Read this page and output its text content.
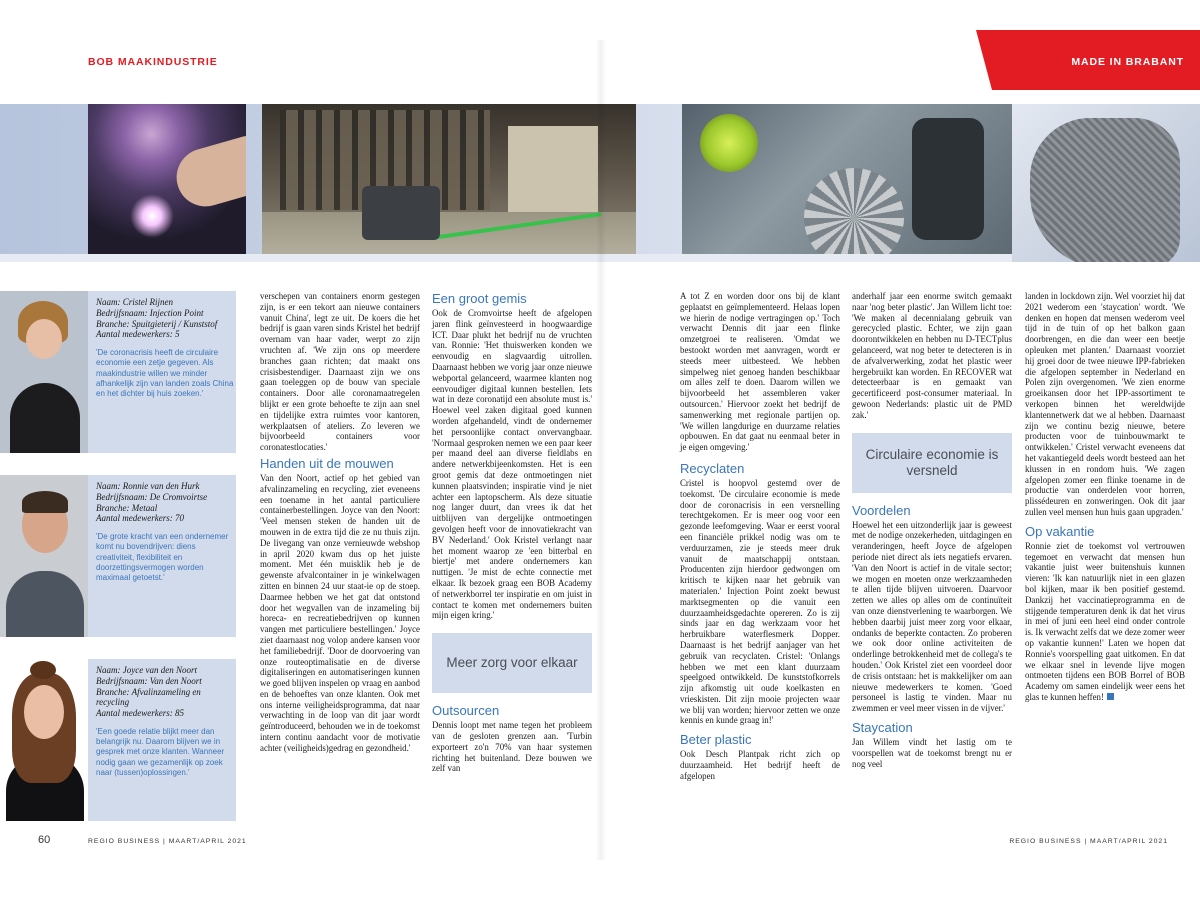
BOB MAAKINDUSTRIE	MADE IN BRABANT
Naam: Cristel Rijnen
Bedrijfsnaam: Injection Point
Branche: Spuitgieterij / Kunststof
Aantal medewerkers: 5
'De coronacrisis heeft de circulaire economie een zetje gegeven. Als maakindustrie willen we minder afhankelijk zijn van landen zoals China en het dichter bij huis zoeken.'
Naam: Ronnie van den Hurk
Bedrijfsnaam: De Cromvoirtse
Branche: Metaal
Aantal medewerkers: 70
'De grote kracht van een ondernemer komt nu bovendrijven: diens creativiteit, flexibiliteit en doorzettingsvermogen worden maximaal getoetst.'
Naam: Joyce van den Noort
Bedrijfsnaam: Van den Noort
Branche: Afvalinzameling en recycling
Aantal medewerkers: 85
'Een goede relatie blijkt meer dan belangrijk nu. Daarom blijven we in gesprek met onze klanten. Wanneer nodig gaan we gezamenlijk op zoek naar (tussen)oplossingen.'

verschepen van containers enorm gestegen zijn, is er een tekort aan nieuwe containers vanuit China', legt ze uit. De koers die het bedrijf is gaan varen sinds Kristel het bedrijf overnam van haar vader, werpt zo zijn vruchten af. 'We zijn ons op meerdere branches gaan richten; dat maakt ons crisisbestendiger. Daarnaast zijn we ons gaan toeleggen op de bouw van speciale containers. Door alle coronamaatregelen blijkt er een grote behoefte te zijn aan snel en tijdelijke extra ruimtes voor kantoren, werkplaatsen of ateliers. Zo leveren we bijvoorbeeld containers voor coronatestlocaties.'

Handen uit de mouwen

Van den Noort, actief op het gebied van afvalinzameling en recycling, ziet eveneens een toename in het aantal particuliere containerbestellingen. Joyce van den Noort: 'Veel mensen steken de handen uit de mouwen in de extra tijd die ze nu thuis zijn. De livegang van onze vernieuwde webshop in april 2020 kwam dus op het juiste moment. Met één muisklik heb je de gewenste afvalcontainer in je winkelwagen zitten en binnen 24 uur staat-ie op de stoep. Daarmee hebben we het gat dat ontstond door het wegvallen van de inzameling bij horeca- en recreatiebedrijven op kunnen vangen met particuliere bestellingen.' Joyce ziet daarnaast nog volop andere kansen voor het familiebedrijf. 'Door de doorvoering van onze routeoptimalisatie en de diverse digitaliseringen en automatiseringen kunnen we goed blijven inspelen op vraag en aanbod en de behoeftes van onze klanten. Ook met ons interne veiligheidsprogramma, dat naar verwachting in de loop van dit jaar wordt geïntroduceerd, behouden we in de toekomst intern continu aandacht voor de motivatie achter (veiligheids)gedrag en gezondheid.'

Een groot gemis

Ook de Cromvoirtse heeft de afgelopen jaren flink geïnvesteerd in hoogwaardige ICT. Daar plukt het bedrijf nu de vruchten van. Ronnie: 'Het thuiswerken konden we eenvoudig en slagvaardig uitrollen. Daarnaast hebben we vorig jaar onze nieuwe webportal gelanceerd, waarmee klanten nog eenvoudiger digitaal kunnen bestellen. Iets wat in deze coronatijd een absolute must is.' Hoewel veel zaken digitaal goed kunnen worden afgehandeld, vindt de ondernemer het persoonlijke contact onvervangbaar. 'Normaal gesproken nemen we een paar keer per maand deel aan diverse fieldlabs en andere netwerkbijeenkomsten. Het is een groot gemis dat deze ontmoetingen niet kunnen plaatsvinden; inspiratie vind je niet achter een laptopscherm. Als deze situatie nog langer duurt, dan vrees ik dat het uitblijven van dergelijke ontmoetingen gevolgen heeft voor de innovatiekracht van BV Nederland.' Ook Kristel verlangt naar het moment waarop ze 'een bitterbal en biertje' met andere ondernemers kan nuttigen. 'Je mist de echte connectie met elkaar. Ik bezoek graag een BOB Academy of netwerkborrel ter inspiratie en om juist in contact te komen met ondernemers buiten mijn eigen kring.'

Meer zorg voor elkaar
Outsourcen

Dennis loopt met name tegen het probleem van de gesloten grenzen aan. 'Turbin exporteert zo'n 70% van haar systemen richting het buitenland. Deze bouwen we zelf van

A tot Z en worden door ons bij de klant geplaatst en geïmplementeerd. Helaas lopen we hierin de nodige vertragingen op.' Toch verwacht Dennis dit jaar een flinke omzetgroei te realiseren. 'Omdat we bestookt worden met aanvragen, wordt er steeds meer uitbesteed. We hebben simpelweg niet genoeg handen beschikbaar om alles zelf te doen. Daarom willen we bijvoorbeeld het assembleren vaker outsourcen.' Hiervoor zoekt het bedrijf de samenwerking met regionale partijen op. 'We willen langdurige en duurzame relaties opbouwen. En dat gaat nu eenmaal beter in je eigen omgeving.'

Recyclaten

Cristel is hoopvol gestemd over de toekomst. 'De circulaire economie is mede door de coronacrisis in een versnelling terechtgekomen. Er is meer oog voor een gezonde leefomgeving. Waar er eerst vooral een financiële prikkel nodig was om te verduurzamen, zie je steeds meer druk vanuit de maatschappij ontstaan. Producenten zijn hierdoor gedwongen om kritisch te kijken naar het gebruik van materialen.' Injection Point zoekt bewust marktsegmenten op die vanuit een duurzaamheidsgedachte opereren. Zo is zij sinds jaar en dag werkzaam voor het herbruikbare waterflesmerk Dopper. Daarnaast is het bedrijf aanjager van het gebruik van recyclaten. Cristel: 'Onlangs hebben we met een klant duurzaam speelgoed ontwikkeld. De kunststofkorrels zijn afkomstig uit oude koelkasten en vrieskisten. Dit zijn mooie projecten waar we blij van worden; hiervoor zetten we onze kennis en kunde graag in!'

Beter plastic

Ook Desch Plantpak richt zich op duurzaamheid. Het bedrijf heeft de afgelopen

anderhalf jaar een enorme switch gemaakt naar 'nog beter plastic'. Jan Willem licht toe: 'We maken al decennialang gebruik van gerecycled plastic. Echter, we zijn gaan doorontwikkelen en hebben nu D-TECTplus gelanceerd, wat nog beter te detecteren is in de afvalverwerking, zodat het plastic weer hergebruikt kan worden. En RECOVER wat detecteerbaar is en gemaakt van gecertificeerd post-consumer materiaal. In gewoon Nederlands: plastic uit de PMD zak.'

Circulaire economie is versneld
Voordelen

Hoewel het een uitzonderlijk jaar is geweest met de nodige onzekerheden, uitdagingen en veranderingen, heeft Joyce de afgelopen periode niet direct als iets negatiefs ervaren. 'Van den Noort is actief in de vitale sector; we mogen en moeten onze werkzaamheden te allen tijde blijven uitvoeren. Daarvoor zetten we alles op alles om de continuïteit van onze dienstverlening te waarborgen. We hebben daarbij juist meer zorg voor elkaar, ondanks de beperkte contacten. Zo proberen we ook door online activiteiten de onderlinge betrokkenheid met de collega's te houden.' Ook Kristel ziet een voordeel door de crisis ontstaan: het is makkelijker om aan nieuwe medewerkers te komen. 'Goed personeel is lastig te vinden. Maar nu zwemmen er veel meer vissen in de vijver.'

Staycation

Jan Willem vindt het lastig om te voorspellen wat de toekomst brengt nu er nog veel

landen in lockdown zijn. Wel voorziet hij dat 2021 wederom een 'staycation' wordt. 'We denken en hopen dat mensen wederom veel tijd in de tuin of op het balkon gaan doorbrengen, en die dan weer een beetje opleuken met planten.' Daarnaast voorziet hij groei door de twee nieuwe IPP-fabrieken die afgelopen september in Nederland en Polen zijn overgenomen. 'We zien enorme groeikansen door het IPP-assortiment te verkopen binnen het wereldwijde klantennetwerk dat we al hebben. Daarnaast zijn we continu bezig nieuwe, betere producten voor de tuinbouwmarkt te ontwikkelen.' Cristel verwacht eveneens dat het vakantiegeld deels wordt besteed aan het klussen in en rondom huis. 'We zagen afgelopen zomer een flinke toename in de productie van onderdelen voor horren, plissédeuren en zonweringen. Ook dit jaar zullen veel mensen hun huis gaan upgraden.'

Op vakantie

Ronnie ziet de toekomst vol vertrouwen tegemoet en verwacht dat mensen hun vakantie juist weer buitenshuis kunnen vieren: 'Ik kan natuurlijk niet in een glazen bol kijken, maar ik ben positief gestemd. Dankzij het vaccinatieprogramma en de stijgende temperaturen denk ik dat het virus in mei of juni een heel eind onder controle is. Ik verwacht zelfs dat we deze zomer weer op vakantie kunnen!' Laten we hopen dat Ronnie's voorspelling gaat uitkomen. En dat we elkaar snel in levende lijve mogen ontmoeten tijdens een BOB Borrel of BOB Academy om samen eindelijk weer eens het glas te kunnen heffen!

60	REGIO BUSINESS | MAART/APRIL 2021	REGIO BUSINESS | MAART/APRIL 2021
